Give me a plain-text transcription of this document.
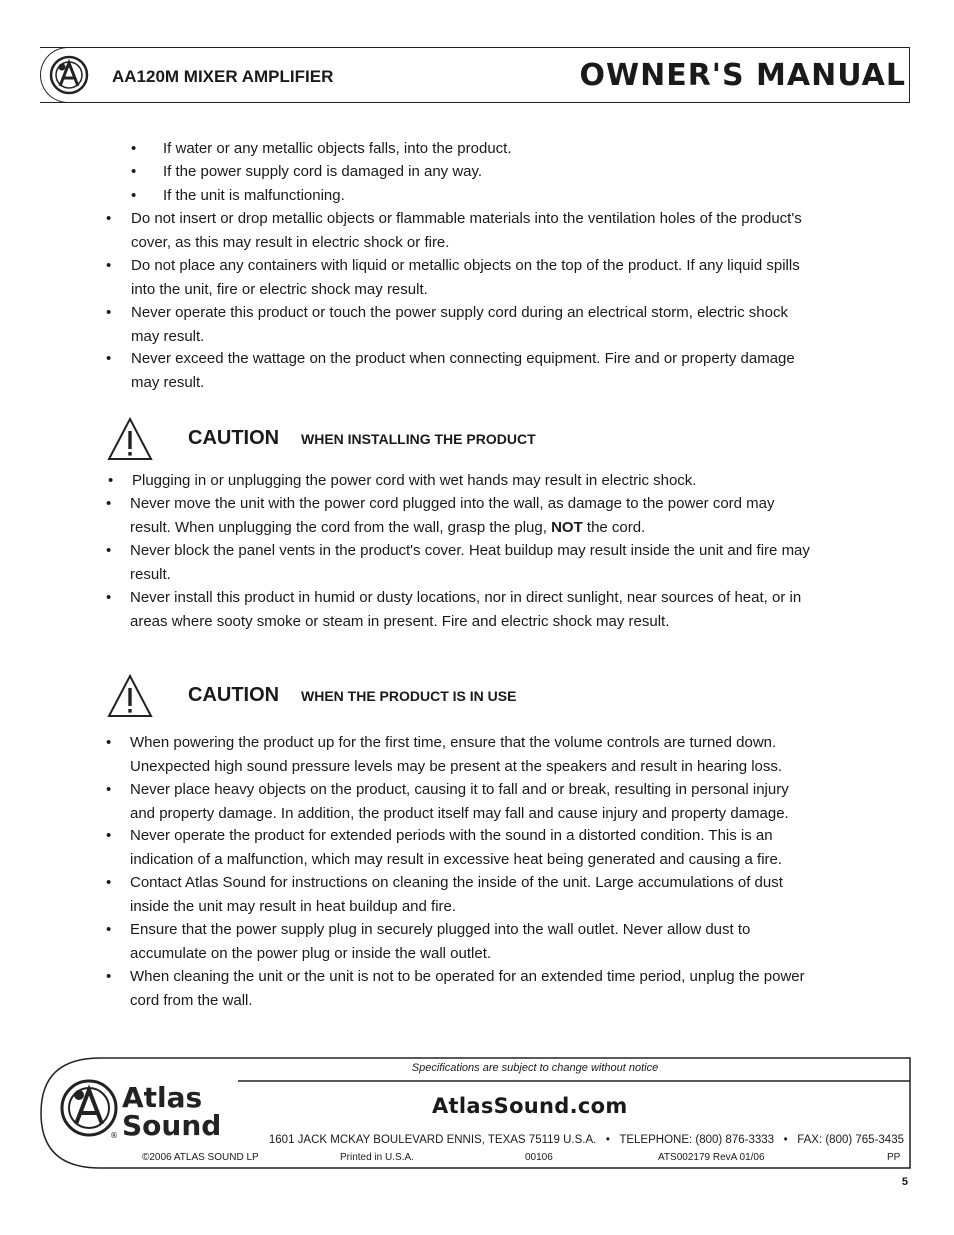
AA120M MIXER AMPLIFIER	OWNER'S MANUAL
• If water or any metallic objects falls, into the product.
• If the power supply cord is damaged in any way.
• If the unit is malfunctioning.
• Do not insert or drop metallic objects or flammable materials into the ventilation holes of the product's
cover, as this may result in electric shock or fire.
• Do not place any containers with liquid or metallic objects on the top of the product. If any liquid spills
into the unit, fire or electric shock may result.
• Never operate this product or touch the power supply cord during an electrical storm, electric shock
may result.
• Never exceed the wattage on the product when connecting equipment. Fire and or property damage
may result.
CAUTION WHEN INSTALLING THE PRODUCT
• Plugging in or unplugging the power cord with wet hands may result in electric shock.
• Never move the unit with the power cord plugged into the wall, as damage to the power cord may
result. When unplugging the cord from the wall, grasp the plug, NOT the cord.
• Never block the panel vents in the product's cover. Heat buildup may result inside the unit and fire may
result.
• Never install this product in humid or dusty locations, nor in direct sunlight, near sources of heat, or in
areas where sooty smoke or steam in present. Fire and electric shock may result.
CAUTION WHEN THE PRODUCT IS IN USE
• When powering the product up for the first time, ensure that the volume controls are turned down.
Unexpected high sound pressure levels may be present at the speakers and result in hearing loss.
• Never place heavy objects on the product, causing it to fall and or break, resulting in personal injury
and property damage. In addition, the product itself may fall and cause injury and property damage.
• Never operate the product for extended periods with the sound in a distorted condition. This is an
indication of a malfunction, which may result in excessive heat being generated and causing a fire.
• Contact Atlas Sound for instructions on cleaning the inside of the unit. Large accumulations of dust
inside the unit may result in heat buildup and fire.
• Ensure that the power supply plug in securely plugged into the wall outlet. Never allow dust to
accumulate on the power plug or inside the wall outlet.
• When cleaning the unit or the unit is not to be operated for an extended time period, unplug the power
cord from the wall.
Specifications are subject to change without notice
Atlas
Sound
®
AtlasSound.com
1601 JACK MCKAY BOULEVARD ENNIS, TEXAS 75119 U.S.A.   •   TELEPHONE: (800) 876-3333   •   FAX: (800) 765-3435
©2006 ATLAS SOUND LP	Printed in U.S.A.	00106	ATS002179 RevA 01/06	PP
5
